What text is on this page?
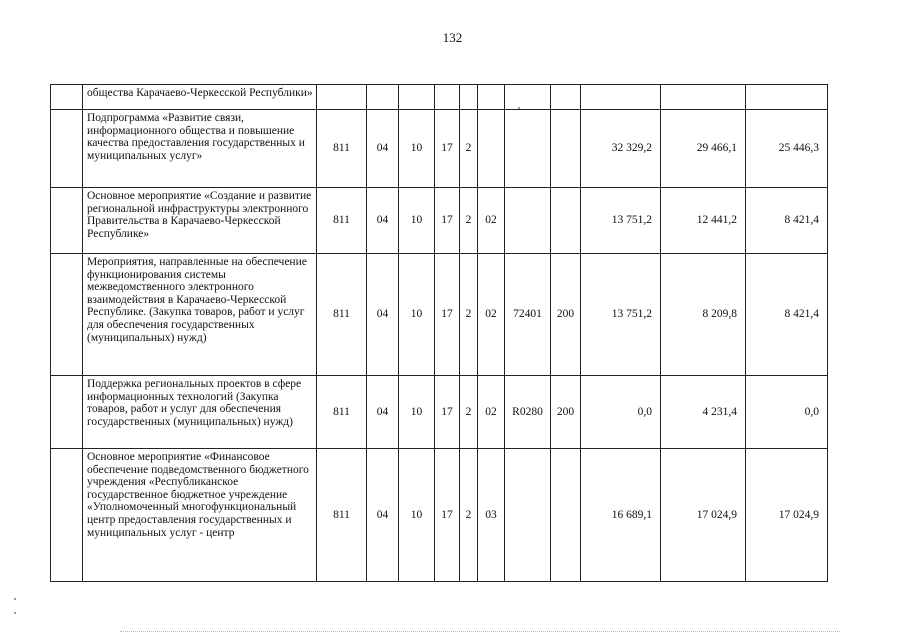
132
	общества Карачаево-Черкесской Республики»											
	Подпрограмма «Развитие связи, информационного общества и повышение качества предоставления государственных и муниципальных услуг»	811	04	10	17	2				32 329,2	29 466,1	25 446,3
	Основное мероприятие «Создание и развитие региональной инфраструктуры электронного Правительства в Карачаево-Черкесской Республике»	811	04	10	17	2	02			13 751,2	12 441,2	8 421,4
	Мероприятия, направленные на обеспечение функционирования системы межведомственного электронного взаимодействия в Карачаево-Черкесской Республике. (Закупка товаров, работ и услуг для обеспечения государственных (муниципальных) нужд)	811	04	10	17	2	02	72401	200	13 751,2	8 209,8	8 421,4
	Поддержка региональных проектов в сфере информационных технологий (Закупка товаров, работ и услуг для обеспечения государственных (муниципальных) нужд)	811	04	10	17	2	02	R0280	200	0,0	4 231,4	0,0
	Основное мероприятие «Финансовое обеспечение подведомственного бюджетного учреждения «Республиканское государственное бюджетное учреждение «Уполномоченный многофункциональный центр предоставления государственных и муниципальных услуг - центр	811	04	10	17	2	03			16 689,1	17 024,9	17 024,9
